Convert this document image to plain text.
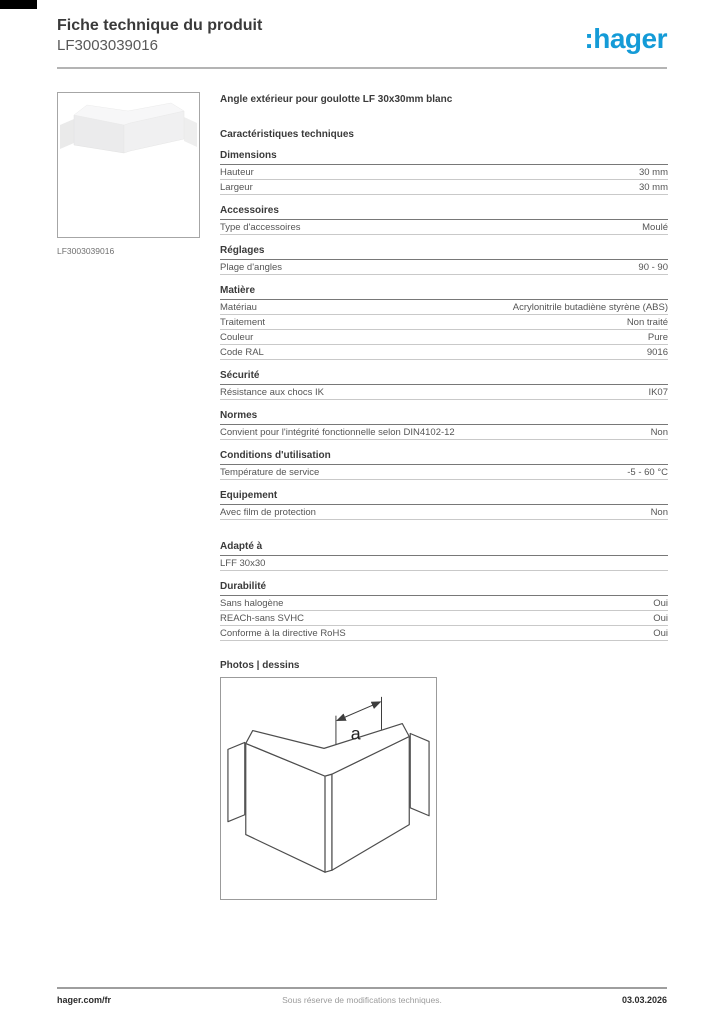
Fiche technique du produit
LF3003039016	:hager
LF3003039016
Angle extérieur pour goulotte LF 30x30mm blanc
Caractéristiques techniques
Dimensions
Hauteur	30 mm
Largeur	30 mm
Accessoires
Type d'accessoires	Moulé
Réglages
Plage d'angles	90 - 90
Matière
Matériau	Acrylonitrile butadiène styrène (ABS)
Traitement	Non traité
Couleur	Pure
Code RAL	9016
Sécurité
Résistance aux chocs IK	IK07
Normes
Convient pour l'intégrité fonctionnelle selon DIN4102-12	Non
Conditions d'utilisation
Température de service	-5 - 60 °C
Equipement
Avec film de protection	Non
Adapté à
LFF 30x30
Durabilité
Sans halogène	Oui
REACh-sans SVHC	Oui
Conforme à la directive RoHS	Oui
Photos | dessins
a
hager.com/fr	Sous réserve de modifications techniques.	03.03.2026
